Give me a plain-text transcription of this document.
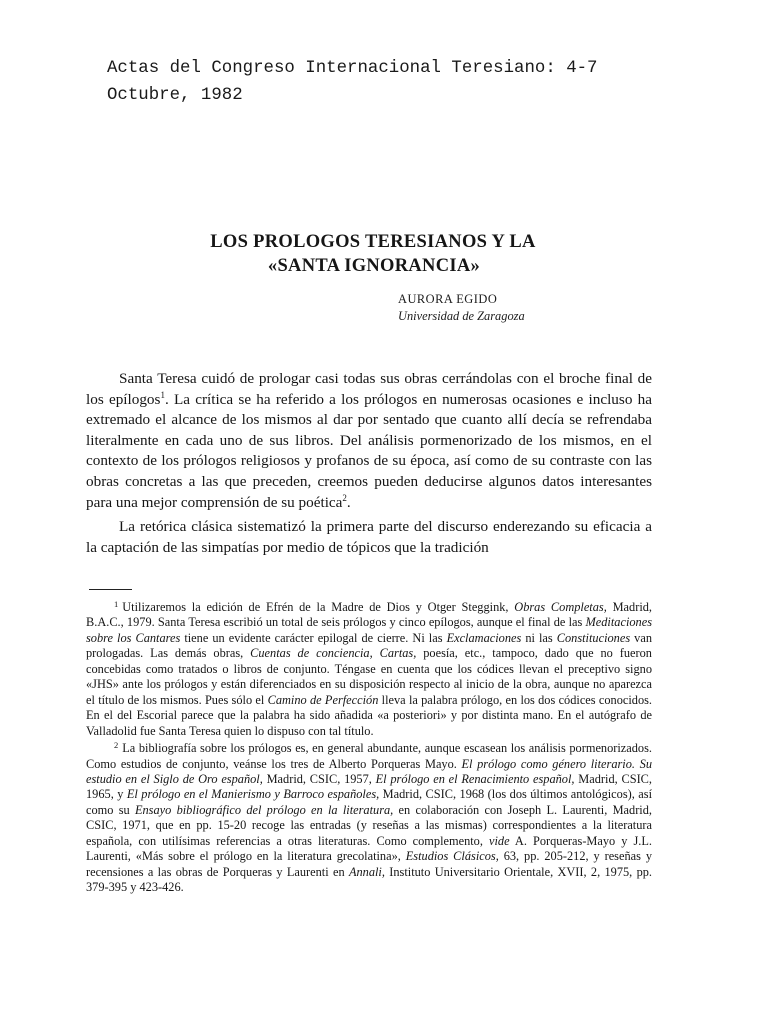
Actas del Congreso Internacional Teresiano: 4-7
Octubre, 1982
LOS PROLOGOS TERESIANOS Y LA
«SANTA IGNORANCIA»
AURORA EGIDO
Universidad de Zaragoza

Santa Teresa cuidó de prologar casi todas sus obras cerrándolas con el broche final de los epílogos$^1$. La crítica se ha referido a los prólogos en numerosas ocasiones e incluso ha extremado el alcance de los mismos al dar por sentado que cuanto allí decía se refrendaba literalmente en cada uno de sus libros. Del análisis pormenorizado de los mismos, en el contexto de los prólogos religiosos y profanos de su época, así como de su contraste con las obras concretas a las que preceden, creemos pueden deducirse algunos datos interesantes para una mejor comprensión de su poética$^2$.

La retórica clásica sistematizó la primera parte del discurso enderezando su eficacia a la captación de las simpatías por medio de tópicos que la tradición

$^1$ Utilizaremos la edición de Efrén de la Madre de Dios y Otger Steggink, Obras Completas, Madrid, B.A.C., 1979. Santa Teresa escribió un total de seis prólogos y cinco epílogos, aunque el final de las Meditaciones sobre los Cantares tiene un evidente carácter epilogal de cierre. Ni las Exclamaciones ni las Constituciones van prologadas. Las demás obras, Cuentas de conciencia, Cartas, poesía, etc., tampoco, dado que no fueron concebidas como tratados o libros de conjunto. Téngase en cuenta que los códices llevan el preceptivo signo «JHS» ante los prólogos y están diferenciados en su disposición respecto al inicio de la obra, aunque no aparezca el título de los mismos. Pues sólo el Camino de Perfección lleva la palabra prólogo, en los dos códices conocidos. En el del Escorial parece que la palabra ha sido añadida «a posteriori» y por distinta mano. En el autógrafo de Valladolid fue Santa Teresa quien lo dispuso con tal título.

$^2$ La bibliografía sobre los prólogos es, en general abundante, aunque escasean los análisis pormenorizados. Como estudios de conjunto, veánse los tres de Alberto Porqueras Mayo. El prólogo como género literario. Su estudio en el Siglo de Oro español, Madrid, CSIC, 1957, El prólogo en el Renacimiento español, Madrid, CSIC, 1965, y El prólogo en el Manierismo y Barroco españoles, Madrid, CSIC, 1968 (los dos últimos antológicos), así como su Ensayo bibliográfico del prólogo en la literatura, en colaboración con Joseph L. Laurenti, Madrid, CSIC, 1971, que en pp. 15-20 recoge las entradas (y reseñas a las mismas) correspondientes a la literatura española, con utilísimas referencias a otras literaturas. Como complemento, vide A. Porqueras-Mayo y J.L. Laurenti, «Más sobre el prólogo en la literatura grecolatina», Estudios Clásicos, 63, pp. 205-212, y reseñas y recensiones a las obras de Porqueras y Laurenti en Annali, Instituto Universitario Orientale, XVII, 2, 1975, pp. 379-395 y 423-426.
